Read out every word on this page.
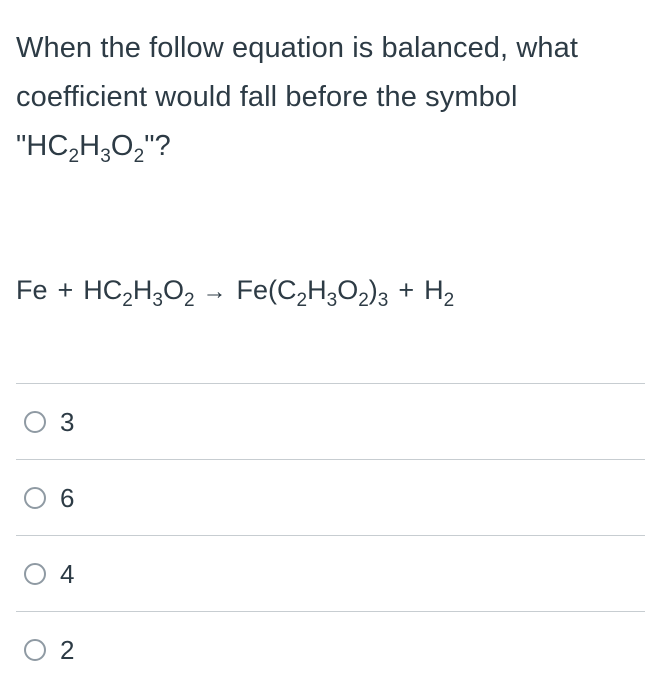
When the follow equation is balanced, what
coefficient would fall before the symbol
"$HC_2H_3O_2$"?
$Fe + HC_2H_3O_2 \to Fe(C_2H_3O_2)_3 + H_2$
3
6
4
2
